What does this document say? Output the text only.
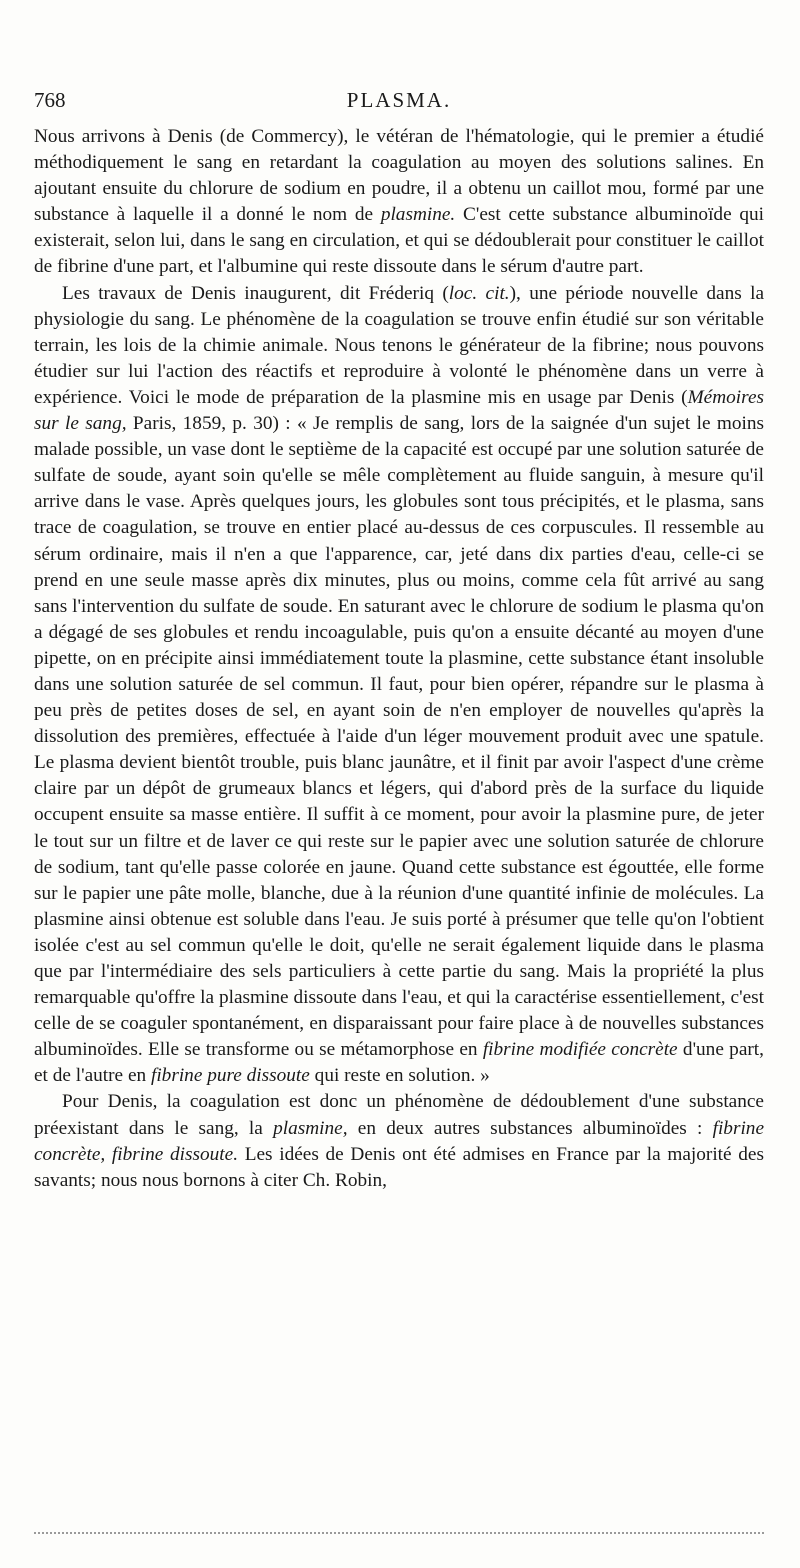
768	PLASMA.

Nous arrivons à Denis (de Commercy), le vétéran de l'hématologie, qui le premier a étudié méthodiquement le sang en retardant la coagulation au moyen des solutions salines. En ajoutant ensuite du chlorure de sodium en poudre, il a obtenu un caillot mou, formé par une substance à laquelle il a donné le nom de plasmine. C'est cette substance albuminoïde qui existerait, selon lui, dans le sang en circulation, et qui se dédoublerait pour constituer le caillot de fibrine d'une part, et l'albumine qui reste dissoute dans le sérum d'autre part.

Les travaux de Denis inaugurent, dit Fréderiq (loc. cit.), une période nouvelle dans la physiologie du sang. Le phénomène de la coagulation se trouve enfin étudié sur son véritable terrain, les lois de la chimie animale. Nous tenons le générateur de la fibrine; nous pouvons étudier sur lui l'action des réactifs et reproduire à volonté le phénomène dans un verre à expérience. Voici le mode de préparation de la plasmine mis en usage par Denis (Mémoires sur le sang, Paris, 1859, p. 30) : « Je remplis de sang, lors de la saignée d'un sujet le moins malade possible, un vase dont le septième de la capacité est occupé par une solution saturée de sulfate de soude, ayant soin qu'elle se mêle complètement au fluide sanguin, à mesure qu'il arrive dans le vase. Après quelques jours, les globules sont tous précipités, et le plasma, sans trace de coagulation, se trouve en entier placé au-dessus de ces corpuscules. Il ressemble au sérum ordinaire, mais il n'en a que l'apparence, car, jeté dans dix parties d'eau, celle-ci se prend en une seule masse après dix minutes, plus ou moins, comme cela fût arrivé au sang sans l'intervention du sulfate de soude. En saturant avec le chlorure de sodium le plasma qu'on a dégagé de ses globules et rendu incoagulable, puis qu'on a ensuite décanté au moyen d'une pipette, on en précipite ainsi immédiatement toute la plasmine, cette substance étant insoluble dans une solution saturée de sel commun. Il faut, pour bien opérer, répandre sur le plasma à peu près de petites doses de sel, en ayant soin de n'en employer de nouvelles qu'après la dissolution des premières, effectuée à l'aide d'un léger mouvement produit avec une spatule. Le plasma devient bientôt trouble, puis blanc jaunâtre, et il finit par avoir l'aspect d'une crème claire par un dépôt de grumeaux blancs et légers, qui d'abord près de la surface du liquide occupent ensuite sa masse entière. Il suffit à ce moment, pour avoir la plasmine pure, de jeter le tout sur un filtre et de laver ce qui reste sur le papier avec une solution saturée de chlorure de sodium, tant qu'elle passe colorée en jaune. Quand cette substance est égouttée, elle forme sur le papier une pâte molle, blanche, due à la réunion d'une quantité infinie de molécules. La plasmine ainsi obtenue est soluble dans l'eau. Je suis porté à présumer que telle qu'on l'obtient isolée c'est au sel commun qu'elle le doit, qu'elle ne serait également liquide dans le plasma que par l'intermédiaire des sels particuliers à cette partie du sang. Mais la propriété la plus remarquable qu'offre la plasmine dissoute dans l'eau, et qui la caractérise essentiellement, c'est celle de se coaguler spontanément, en disparaissant pour faire place à de nouvelles substances albuminoïdes. Elle se transforme ou se métamorphose en fibrine modifiée concrète d'une part, et de l'autre en fibrine pure dissoute qui reste en solution. »

Pour Denis, la coagulation est donc un phénomène de dédoublement d'une substance préexistant dans le sang, la plasmine, en deux autres substances albuminoïdes : fibrine concrète, fibrine dissoute. Les idées de Denis ont été admises en France par la majorité des savants; nous nous bornons à citer Ch. Robin,
